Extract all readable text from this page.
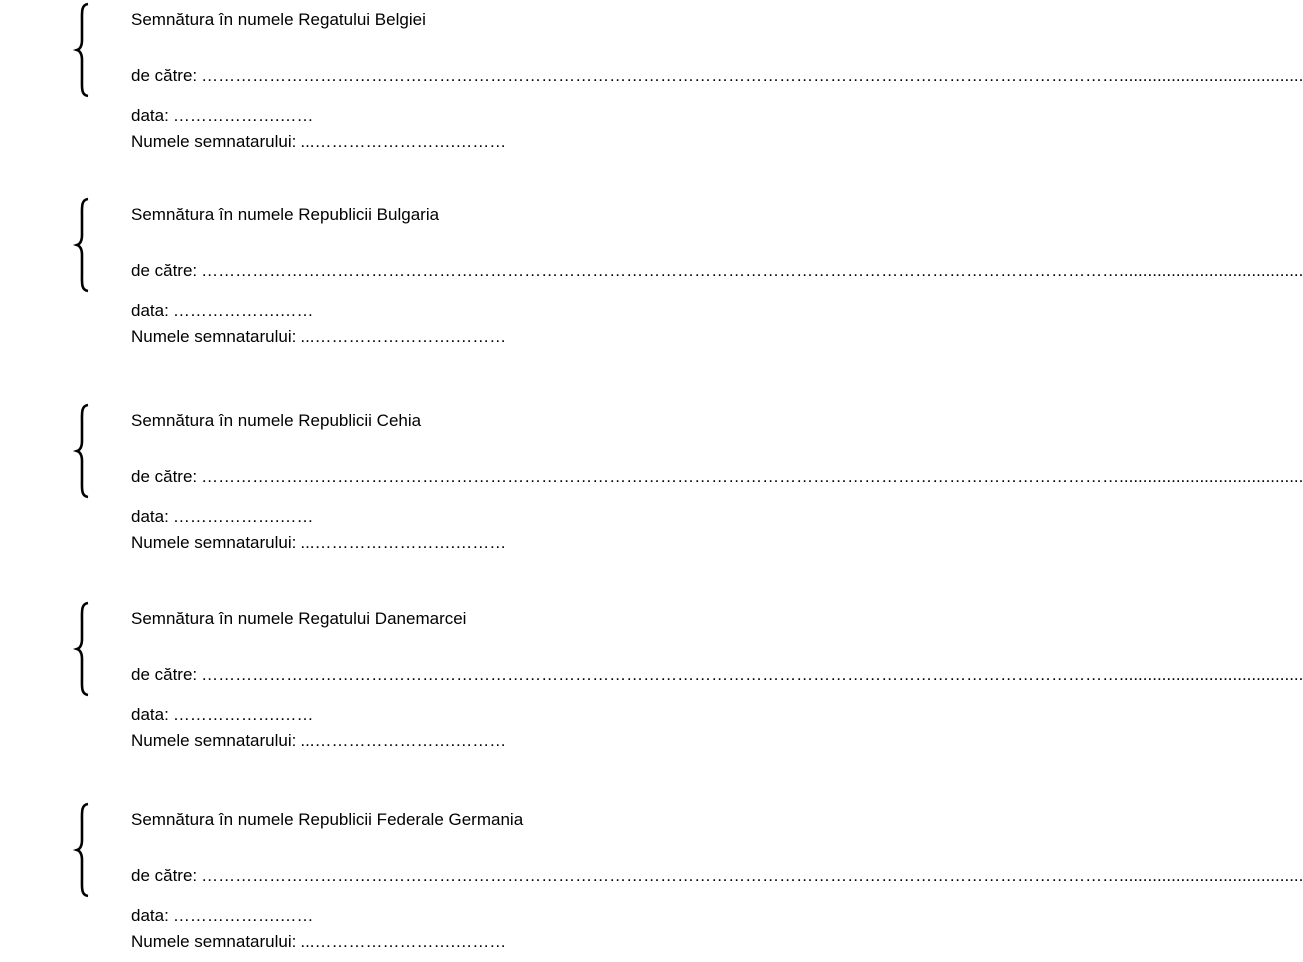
Semnătura în numele Regatului Belgiei
de către: ……………………………………………………………………………………………………………………………………………….......................................
data: ……………….……
Numele semnatarului: ...…………………….………
Semnătura în numele Republicii Bulgaria
de către: ……………………………………………………………………………………………………………………………………………….......................................
data: ……………….……
Numele semnatarului: ...…………………….………
Semnătura în numele Republicii Cehia
de către: ……………………………………………………………………………………………………………………………………………….......................................
data: ……………….……
Numele semnatarului: ...…………………….………
Semnătura în numele Regatului Danemarcei
de către: ……………………………………………………………………………………………………………………………………………….......................................
data: ……………….……
Numele semnatarului: ...…………………….………
Semnătura în numele Republicii Federale Germania
de către: ……………………………………………………………………………………………………………………………………………….......................................
data: ……………….……
Numele semnatarului: ...…………………….………
